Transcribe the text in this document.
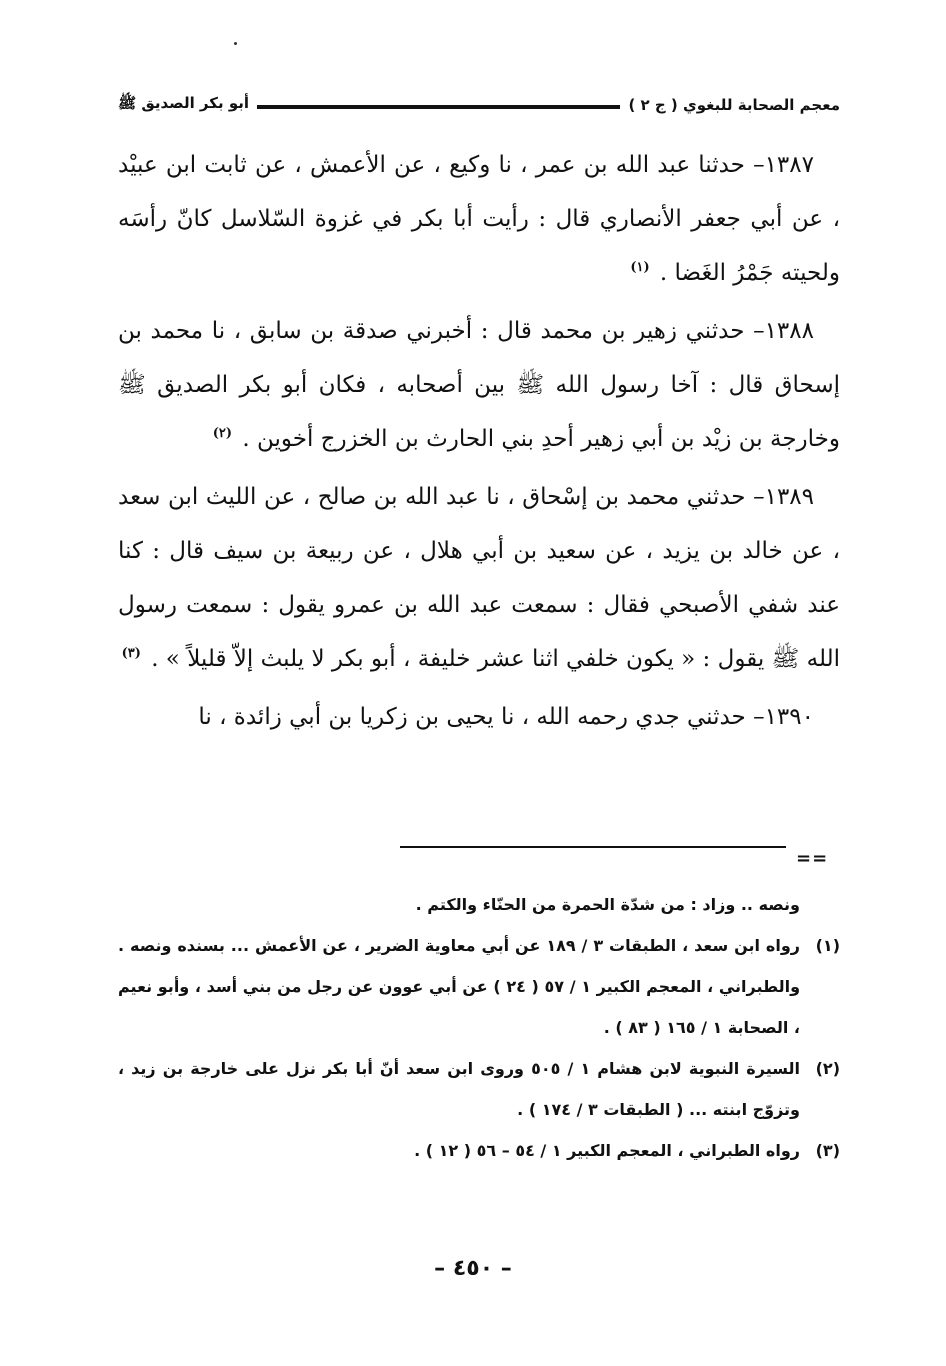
معجم الصحابة للبغوي ( ج ٢ )
أبو بكر الصديق ﷺ

١٣٨٧– حدثنا عبد الله بن عمر ، نا وكيع ، عن الأعمش ، عن ثابت ابن عبيْد ، عن أبي جعفر الأنصاري قال : رأيت أبا بكر في غزوة السّلاسل كانّ رأسَه ولحيته جَمْرُ الغَضا . $^{(١)}$

١٣٨٨– حدثني زهير بن محمد قال : أخبرني صدقة بن سابق ، نا محمد بن إسحاق قال : آخا رسول الله ﷺ بين أصحابه ، فكان أبو بكر الصديق ﷺ وخارجة بن زيْد بن أبي زهير أحدِ بني الحارث بن الخزرج أخوين . $^{(٢)}$

١٣٨٩– حدثني محمد بن إسْحاق ، نا عبد الله بن صالح ، عن الليث ابن سعد ، عن خالد بن يزيد ، عن سعيد بن أبي هلال ، عن ربيعة بن سيف قال : كنا عند شفي الأصبحي فقال : سمعت عبد الله بن عمرو يقول : سمعت رسول الله ﷺ يقول : « يكون خلفي اثنا عشر خليفة ، أبو بكر لا يلبث إلاّ قليلاً » . $^{(٣)}$

١٣٩٠– حدثني جدي رحمه الله ، نا يحيى بن زكريا بن أبي زائدة ، نا

==
ونصه .. وزاد : من شدّة الحمرة من الحنّاء والكتم .
(١)
رواه ابن سعد ، الطبقات ٣ / ١٨٩ عن أبي معاوية الضرير ، عن الأعمش ... بسنده ونصه . والطبراني ، المعجم الكبير ١ / ٥٧ ( ٢٤ ) عن أبي عوون عن رجل من بني أسد ، وأبو نعيم ، الصحابة ١ / ١٦٥ ( ٨٣ ) .
(٢)
السيرة النبوية لابن هشام ١ / ٥٠٥ وروى ابن سعد أنّ أبا بكر نزل على خارجة بن زيد ، وتزوّج ابنته ... ( الطبقات ٣ / ١٧٤ ) .
(٣)
رواه الطبراني ، المعجم الكبير ١ / ٥٤ – ٥٦ ( ١٢ ) .
– ٤٥٠ –
